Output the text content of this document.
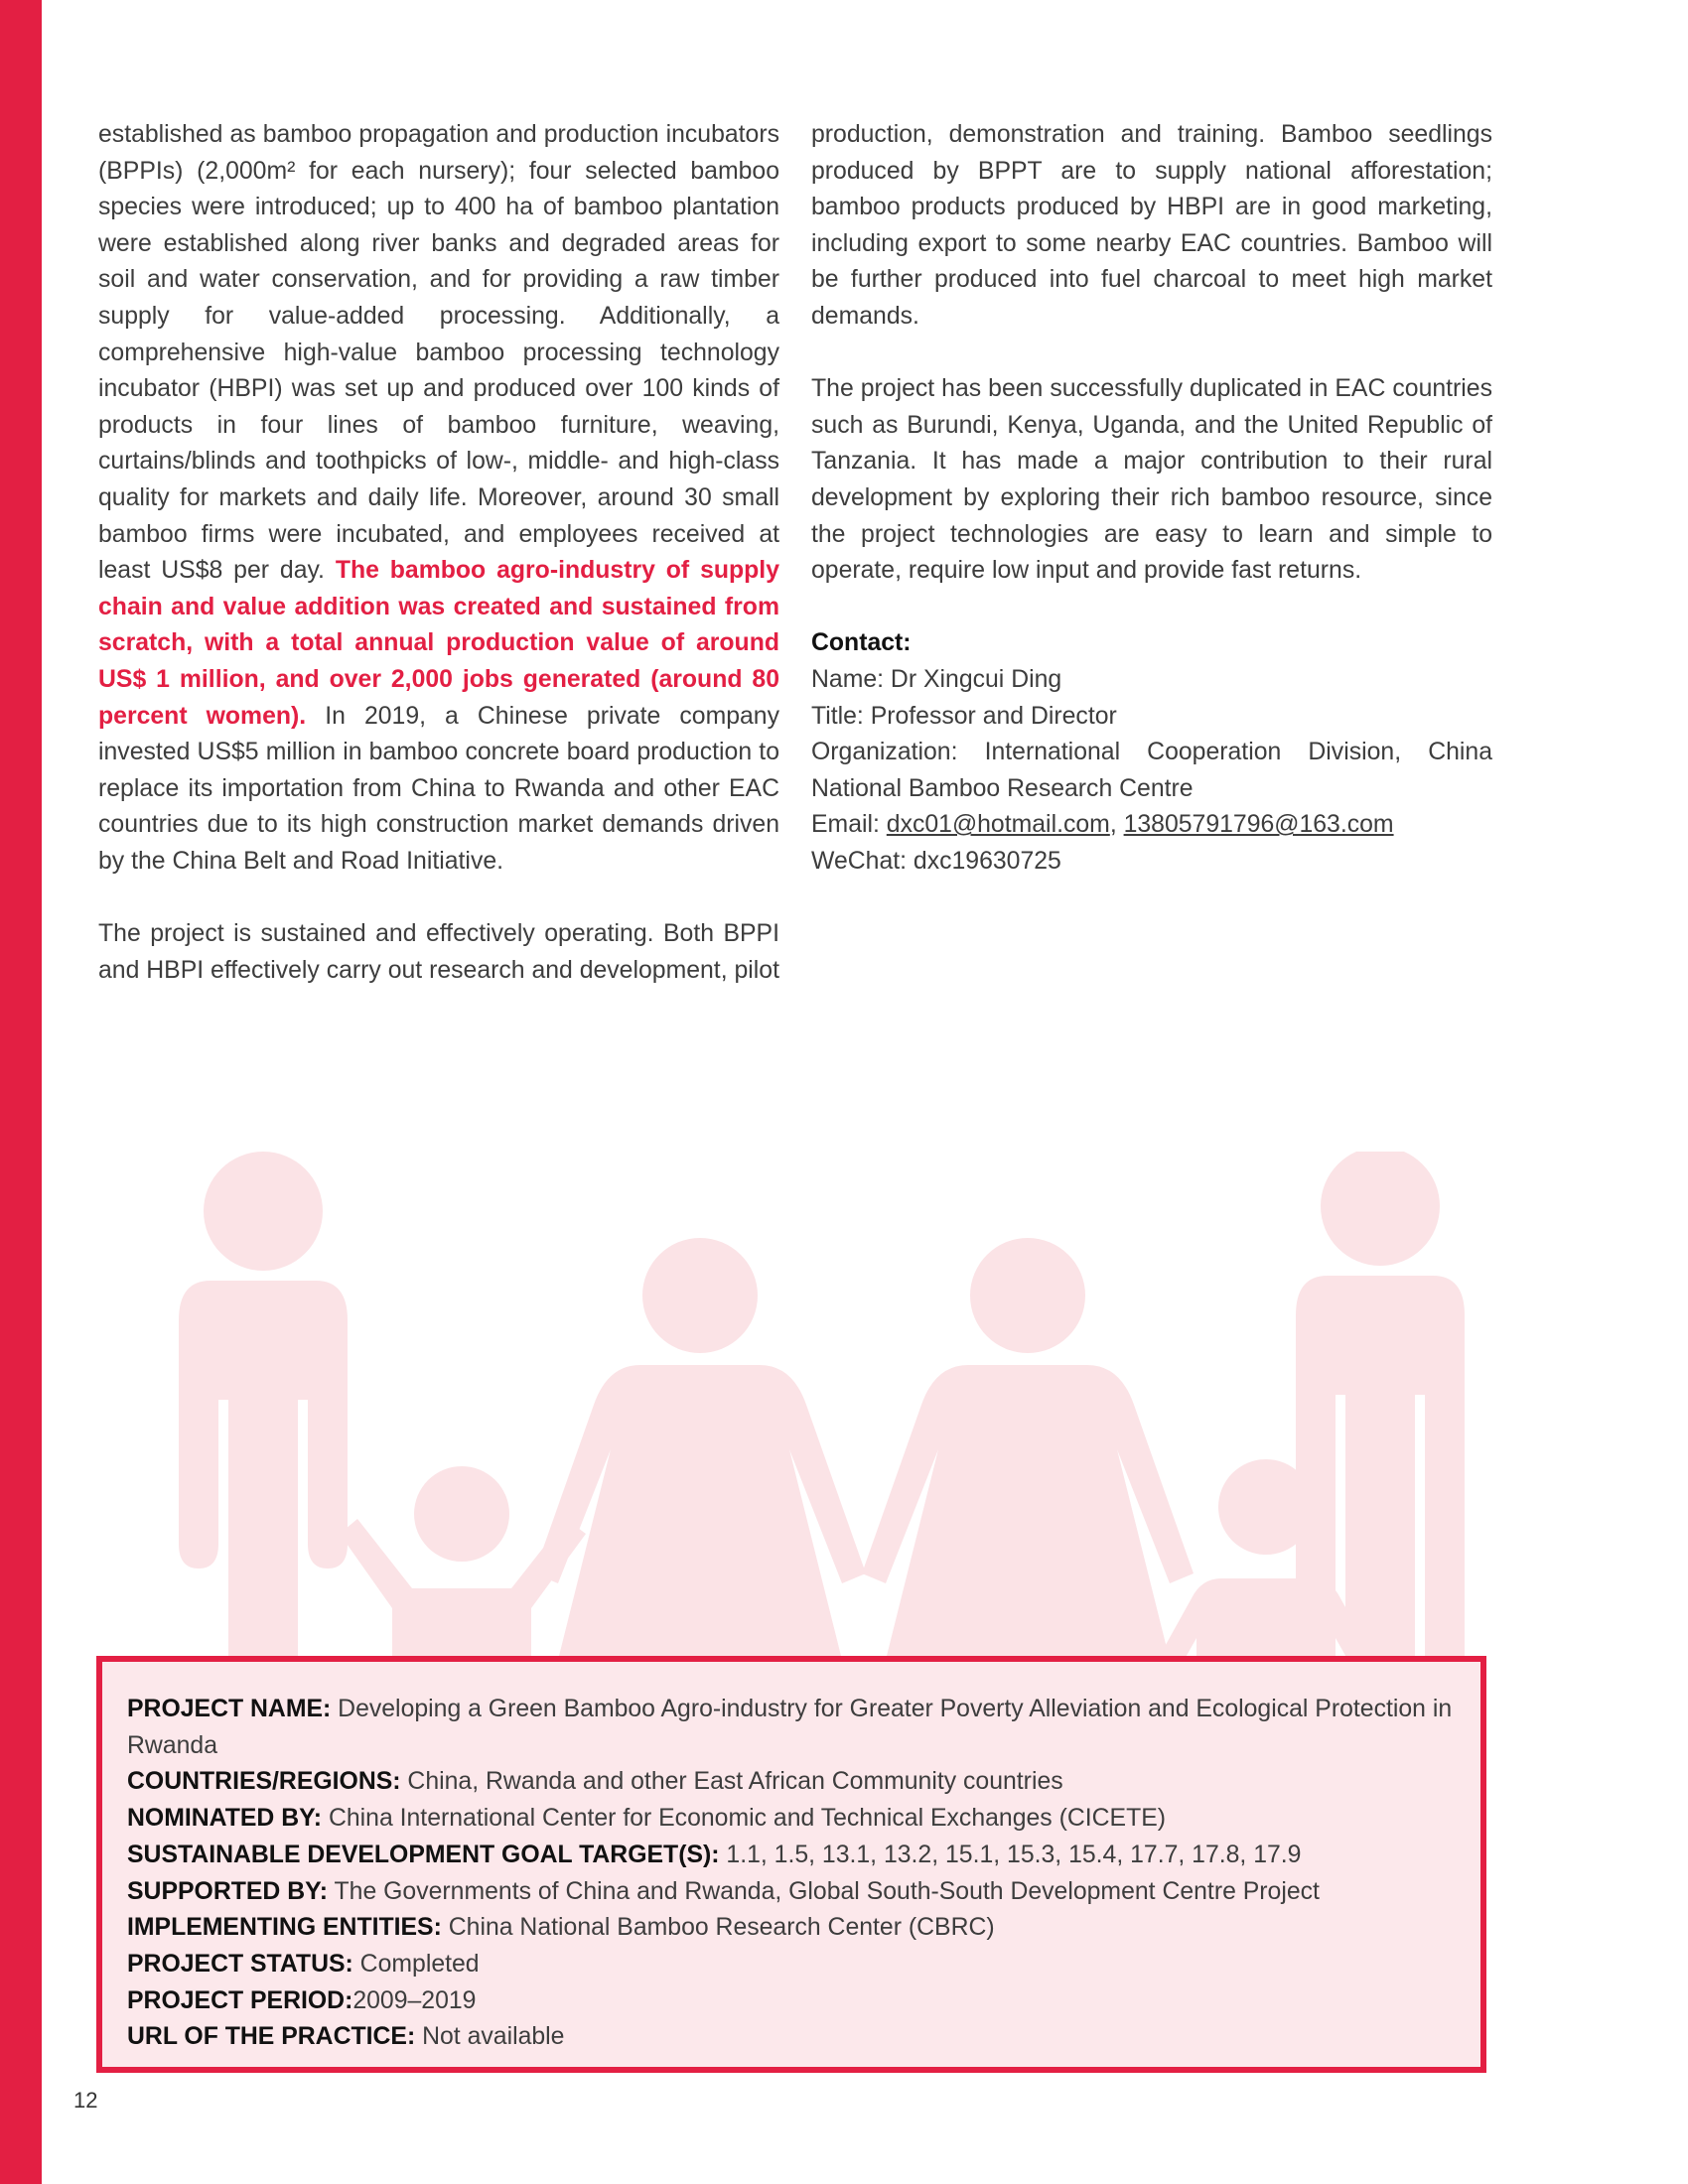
established as bamboo propagation and production incubators (BPPIs) (2,000m² for each nursery); four selected bamboo species were introduced; up to 400 ha of bamboo plantation were established along river banks and degraded areas for soil and water conservation, and for providing a raw timber supply for value-added processing. Additionally, a comprehensive high-value bamboo processing technology incubator (HBPI) was set up and produced over 100 kinds of products in four lines of bamboo furniture, weaving, curtains/blinds and toothpicks of low-, middle- and high-class quality for markets and daily life. Moreover, around 30 small bamboo firms were incubated, and employees received at least US$8 per day. The bamboo agro-industry of supply chain and value addition was created and sustained from scratch, with a total annual production value of around US$ 1 million, and over 2,000 jobs generated (around 80 percent women). In 2019, a Chinese private company invested US$5 million in bamboo concrete board production to replace its importation from China to Rwanda and other EAC countries due to its high construction market demands driven by the China Belt and Road Initiative.

The project is sustained and effectively operating. Both BPPI and HBPI effectively carry out research and development, pilot

production, demonstration and training. Bamboo seedlings produced by BPPT are to supply national afforestation; bamboo products produced by HBPI are in good marketing, including export to some nearby EAC countries. Bamboo will be further produced into fuel charcoal to meet high market demands.

The project has been successfully duplicated in EAC countries such as Burundi, Kenya, Uganda, and the United Republic of Tanzania. It has made a major contribution to their rural development by exploring their rich bamboo resource, since the project technologies are easy to learn and simple to operate, require low input and provide fast returns.

Contact:
Name: Dr Xingcui Ding
Title: Professor and Director
Organization: International Cooperation Division, China National Bamboo Research Centre
Email: dxc01@hotmail.com, 13805791796@163.com
WeChat: dxc19630725
PROJECT NAME: Developing a Green Bamboo Agro-industry for Greater Poverty Alleviation and Ecological Protection in Rwanda
COUNTRIES/REGIONS: China, Rwanda and other East African Community countries
NOMINATED BY: China International Center for Economic and Technical Exchanges (CICETE)
SUSTAINABLE DEVELOPMENT GOAL TARGET(S): 1.1, 1.5, 13.1, 13.2, 15.1, 15.3, 15.4, 17.7, 17.8, 17.9
SUPPORTED BY: The Governments of China and Rwanda, Global South-South Development Centre Project
IMPLEMENTING ENTITIES: China National Bamboo Research Center (CBRC)
PROJECT STATUS: Completed
PROJECT PERIOD:2009–2019
URL OF THE PRACTICE: Not available
12
